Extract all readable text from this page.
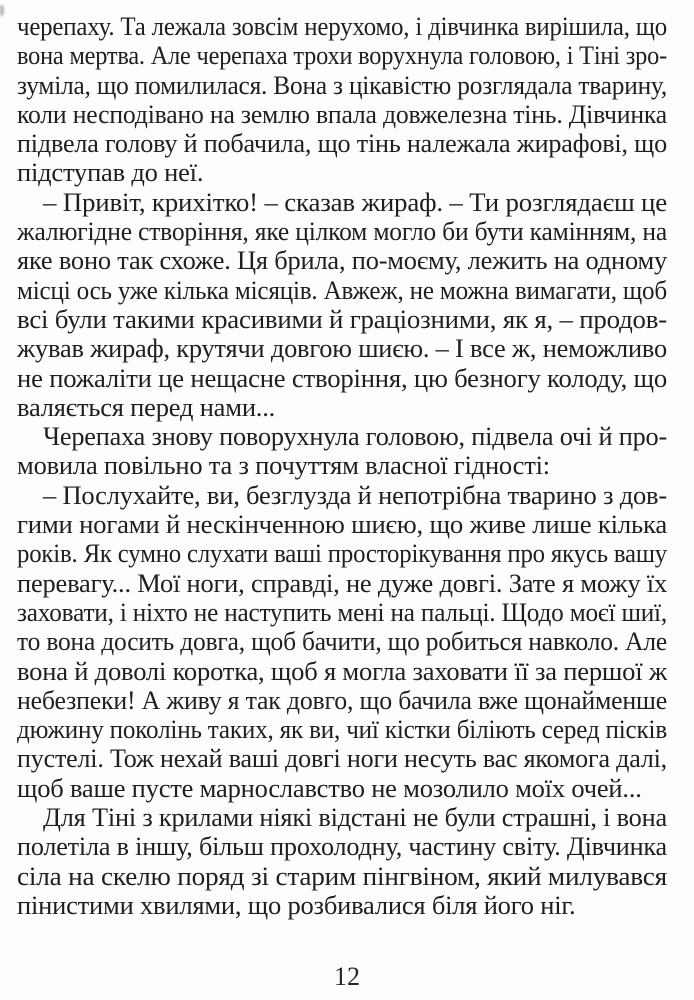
черепаху. Та лежала зовсім нерухомо, і дівчинка вирішила, що
вона мертва. Але черепаха трохи ворухнула головою, і Тіні зро-
зуміла, що помилилася. Вона з цікавістю розглядала тварину,
коли несподівано на землю впала довжелезна тінь. Дівчинка
підвела голову й побачила, що тінь належала жирафові, що
підступав до неї.
– Привіт, крихітко! – сказав жираф. – Ти розглядаєш це
жалюгідне створіння, яке цілком могло би бути камінням, на
яке воно так схоже. Ця брила, по-моєму, лежить на одному
місці ось уже кілька місяців. Авжеж, не можна вимагати, щоб
всі були такими красивими й граціозними, як я, – продов-
жував жираф, крутячи довгою шиєю. – І все ж, неможливо
не пожаліти це нещасне створіння, цю безногу колоду, що
валяється перед нами...
Черепаха знову поворухнула головою, підвела очі й про-
мовила повільно та з почуттям власної гідності:
– Послухайте, ви, безглузда й непотрібна тварино з дов-
гими ногами й нескінченною шиєю, що живе лише кілька
років. Як сумно слухати ваші просторікування про якусь вашу
перевагу... Мої ноги, справді, не дуже довгі. Зате я можу їх
заховати, і ніхто не наступить мені на пальці. Щодо моєї шиї,
то вона досить довга, щоб бачити, що робиться навколо. Але
вона й доволі коротка, щоб я могла заховати її за першої ж
небезпеки! А живу я так довго, що бачила вже щонайменше
дюжину поколінь таких, як ви, чиї кістки біліють серед пісків
пустелі. Тож нехай ваші довгі ноги несуть вас якомога далі,
щоб ваше пусте марнославство не мозолило моїх очей...
Для Тіні з крилами ніякі відстані не були страшні, і вона
полетіла в іншу, більш прохолодну, частину світу. Дівчинка
сіла на скелю поряд зі старим пінгвіном, який милувався
пінистими хвилями, що розбивалися біля його ніг.
12
